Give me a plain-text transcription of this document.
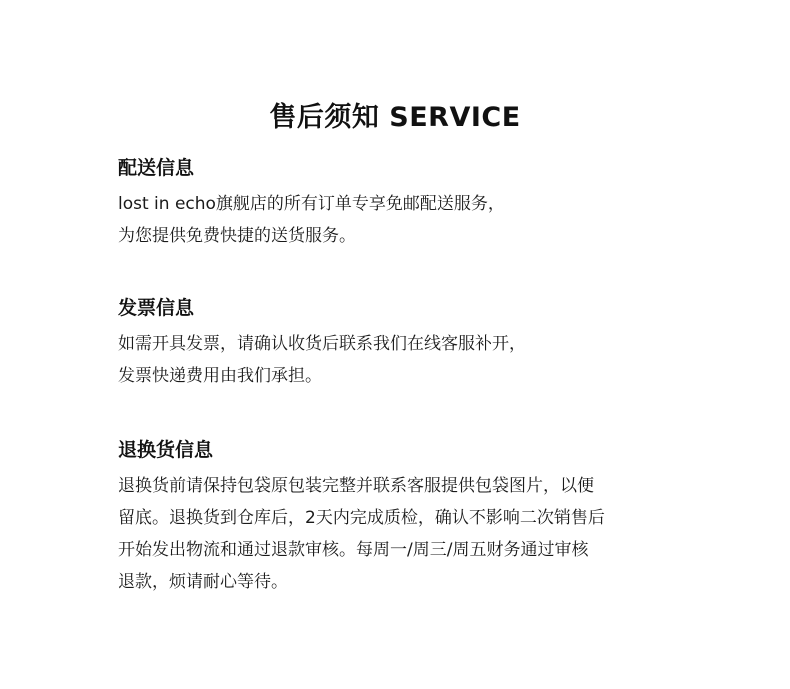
售后须知 SERVICE
配送信息

lost in echo旗舰店的所有订单专享免邮配送服务，

为您提供免费快捷的送货服务。

发票信息

如需开具发票，请确认收货后联系我们在线客服补开，

发票快递费用由我们承担。

退换货信息

退换货前请保持包袋原包装完整并联系客服提供包袋图片，以便

留底。退换货到仓库后，2天内完成质检，确认不影响二次销售后

开始发出物流和通过退款审核。每周一/周三/周五财务通过审核

退款，烦请耐心等待。
